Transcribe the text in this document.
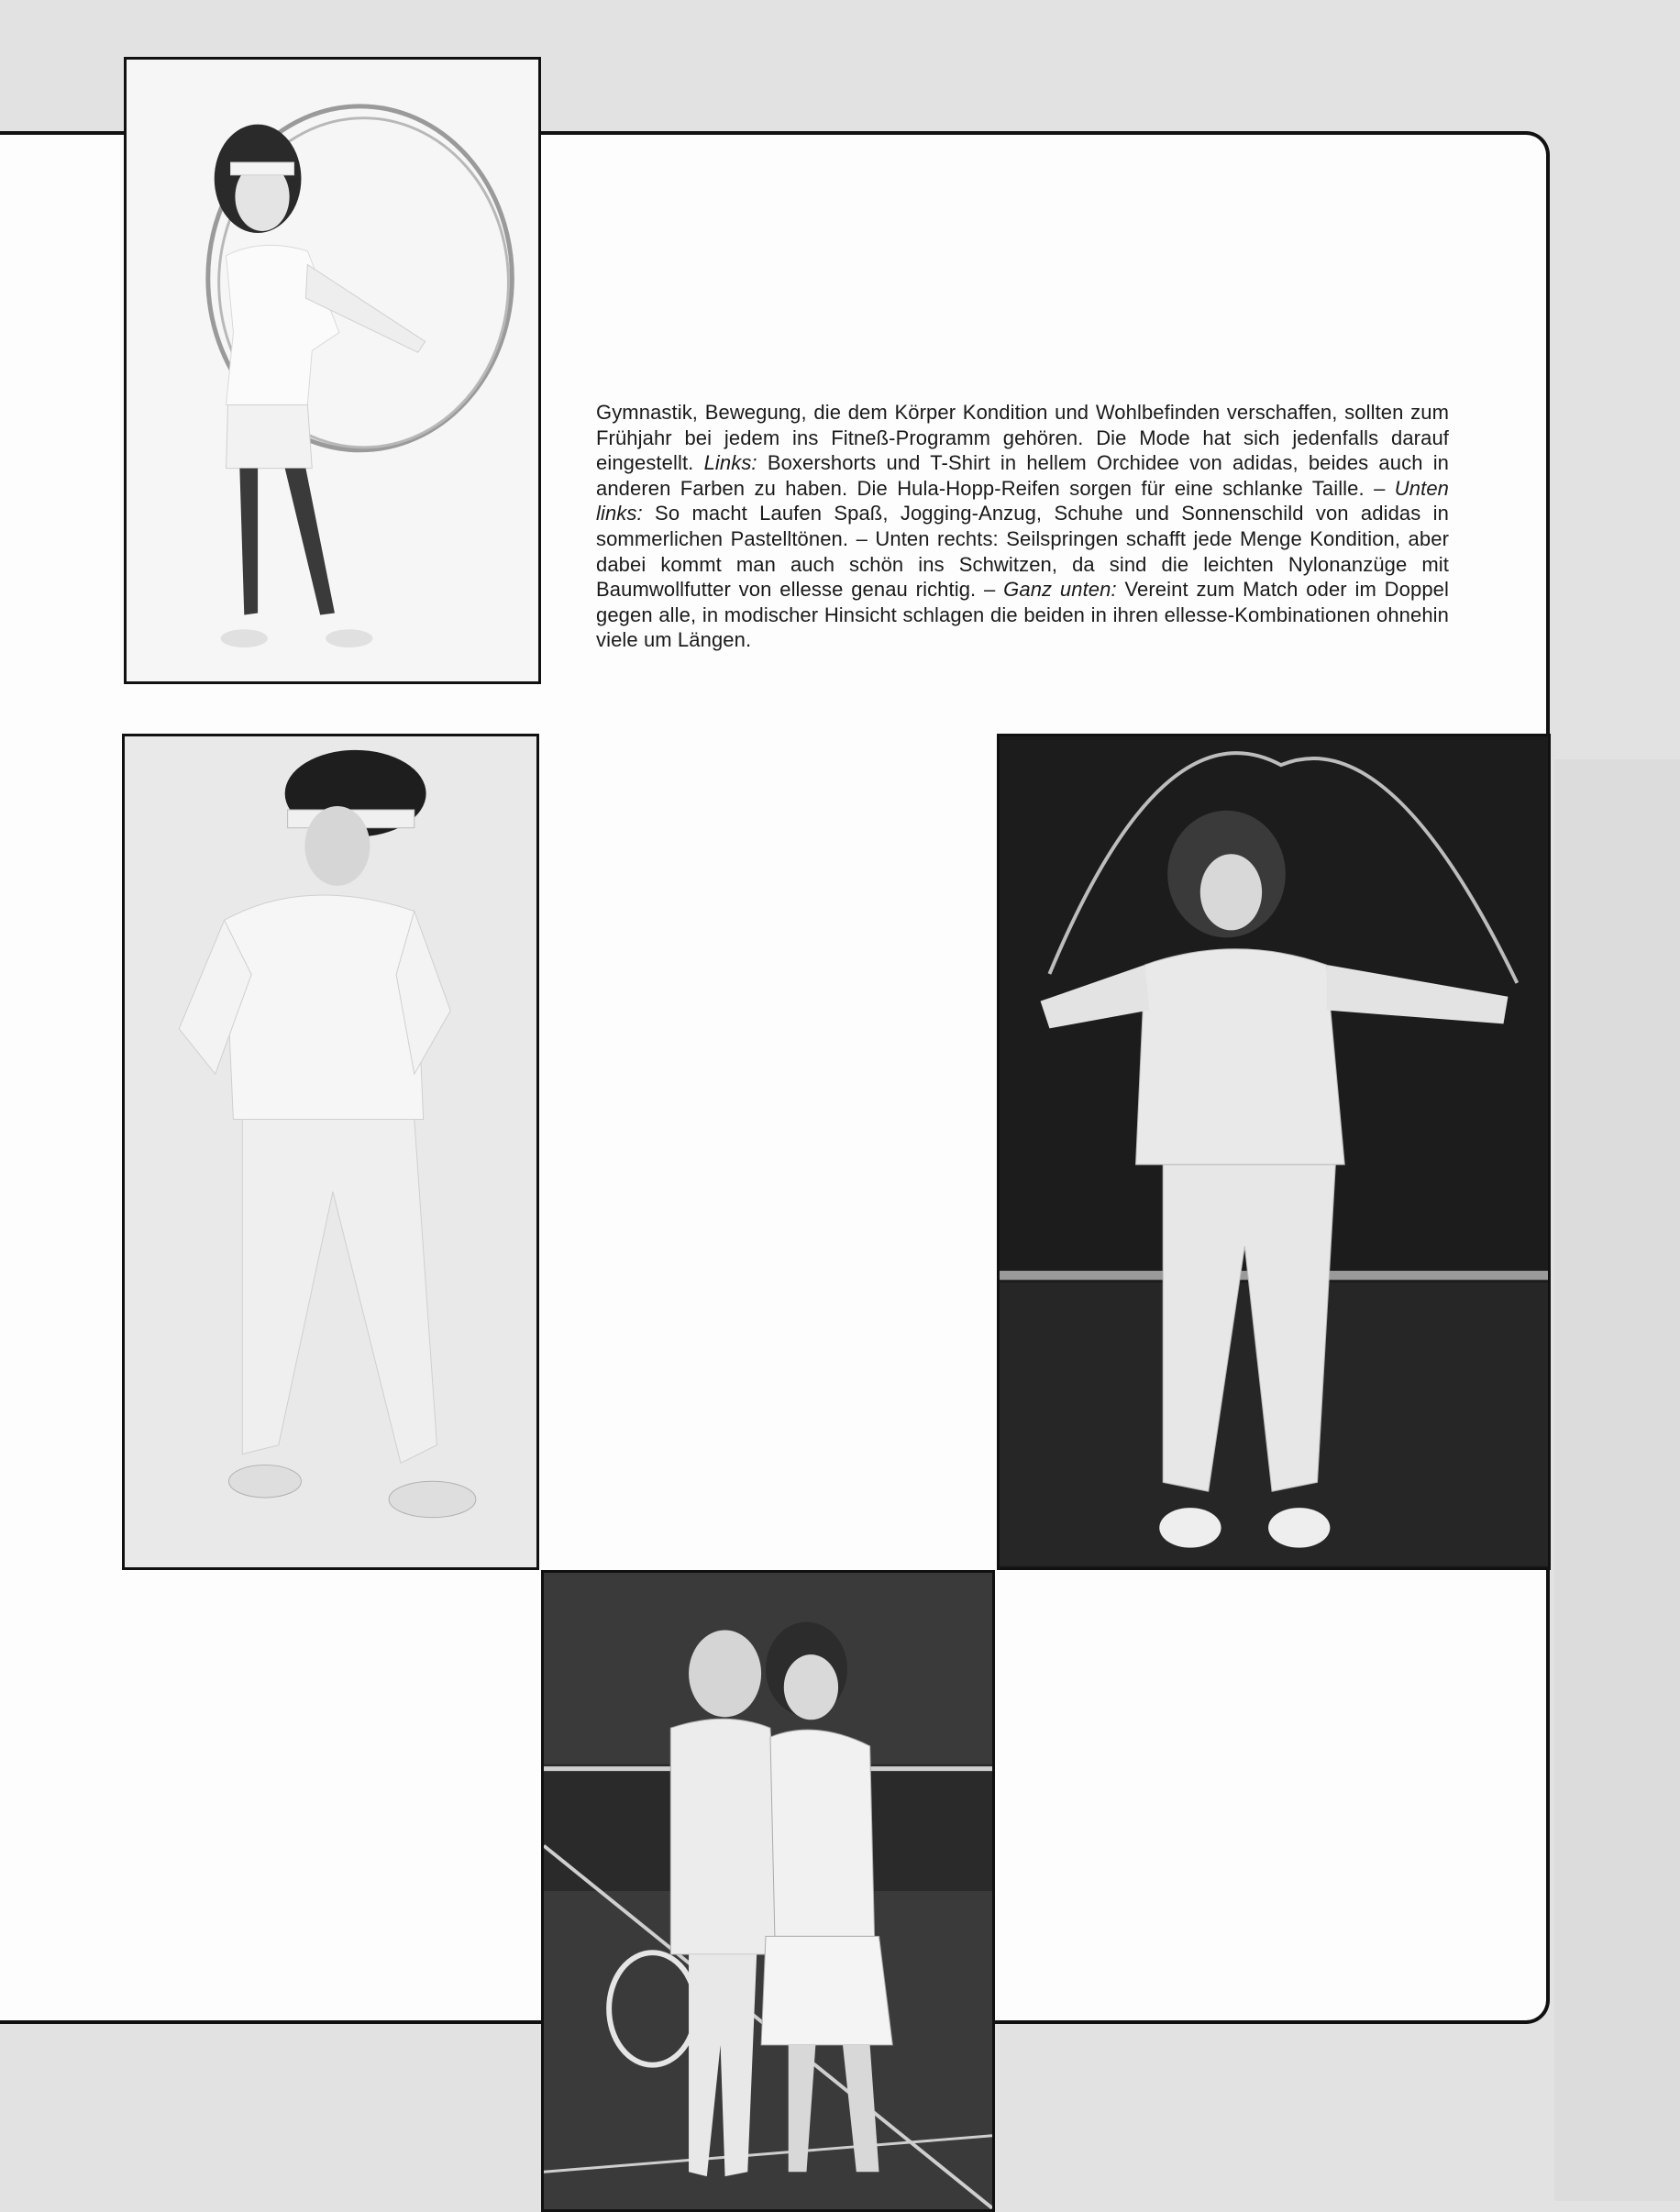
Gymnastik, Bewegung, die dem Körper Kondition und Wohlbefinden verschaffen, sollten zum Frühjahr bei jedem ins Fitneß-Programm gehören. Die Mode hat sich jedenfalls darauf eingestellt. Links: Boxershorts und T-Shirt in hellem Orchidee von adidas, beides auch in anderen Farben zu haben. Die Hula-Hopp-Reifen sorgen für eine schlanke Taille. – Unten links: So macht Laufen Spaß, Jogging-Anzug, Schuhe und Sonnenschild von adidas in sommerlichen Pastelltönen. – Unten rechts: Seilspringen schafft jede Menge Kondition, aber dabei kommt man auch schön ins Schwitzen, da sind die leichten Nylonanzüge mit Baumwollfutter von ellesse genau richtig. – Ganz unten: Vereint zum Match oder im Doppel gegen alle, in modischer Hinsicht schlagen die beiden in ihren ellesse-Kombinationen ohnehin viele um Längen.
